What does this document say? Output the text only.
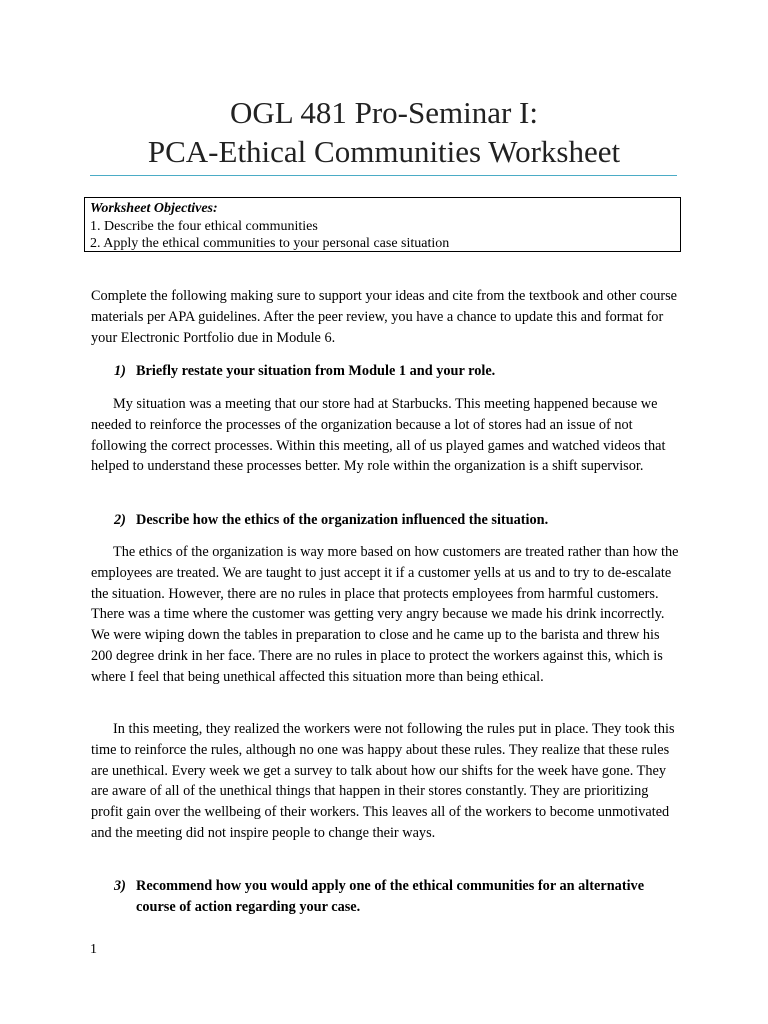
OGL 481 Pro-Seminar I:
PCA-Ethical Communities Worksheet
Worksheet Objectives:
1. Describe the four ethical communities
2. Apply the ethical communities to your personal case situation

Complete the following making sure to support your ideas and cite from the textbook and other course materials per APA guidelines. After the peer review, you have a chance to update this and format for your Electronic Portfolio due in Module 6.

1) Briefly restate your situation from Module 1 and your role.

My situation was a meeting that our store had at Starbucks. This meeting happened because we needed to reinforce the processes of the organization because a lot of stores had an issue of not following the correct processes. Within this meeting, all of us played games and watched videos that helped to understand these processes better. My role within the organization is a shift supervisor.

2) Describe how the ethics of the organization influenced the situation.

The ethics of the organization is way more based on how customers are treated rather than how the employees are treated. We are taught to just accept it if a customer yells at us and to try to de-escalate the situation. However, there are no rules in place that protects employees from harmful customers. There was a time where the customer was getting very angry because we made his drink incorrectly. We were wiping down the tables in preparation to close and he came up to the barista and threw his 200 degree drink in her face. There are no rules in place to protect the workers against this, which is where I feel that being unethical affected this situation more than being ethical.

In this meeting, they realized the workers were not following the rules put in place. They took this time to reinforce the rules, although no one was happy about these rules. They realize that these rules are unethical. Every week we get a survey to talk about how our shifts for the week have gone. They are aware of all of the unethical things that happen in their stores constantly. They are prioritizing profit gain over the wellbeing of their workers. This leaves all of the workers to become unmotivated and the meeting did not inspire people to change their ways.

3) Recommend how you would apply one of the ethical communities for an alternative course of action regarding your case.
1
